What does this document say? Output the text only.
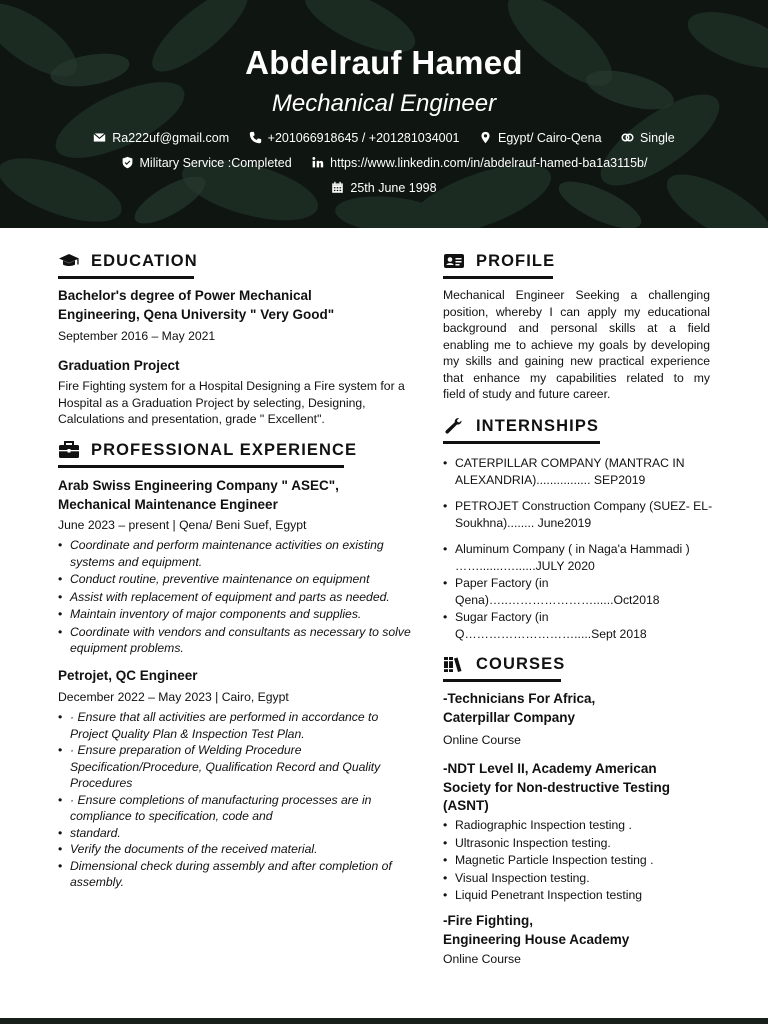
Abdelrauf Hamed
Mechanical Engineer
Ra222uf@gmail.com	+201066918645 / +201281034001	Egypt/ Cairo-Qena	Single
Military Service :Completed	https://www.linkedin.com/in/abdelrauf-hamed-ba1a3115b/
25th June 1998
EDUCATION
Bachelor's degree of Power Mechanical
Engineering, Qena University " Very Good"
September 2016 – May 2021
Graduation Project
Fire Fighting system for a Hospital Designing a Fire system for a
Hospital as a Graduation Project by selecting, Designing,
Calculations and presentation, grade " Excellent".
PROFESSIONAL EXPERIENCE
Arab Swiss Engineering Company " ASEC",
Mechanical Maintenance Engineer
June 2023 – present | Qena/ Beni Suef, Egypt
• Coordinate and perform maintenance activities on existing
systems and equipment.
• Conduct routine, preventive maintenance on equipment
• Assist with replacement of equipment and parts as needed.
• Maintain inventory of major components and supplies.
• Coordinate with vendors and consultants as necessary to solve
equipment problems.
Petrojet, QC Engineer
December 2022 – May 2023 | Cairo, Egypt
• · Ensure that all activities are performed in accordance to
Project Quality Plan & Inspection Test Plan.
• · Ensure preparation of Welding Procedure
Specification/Procedure, Qualification Record and Quality
Procedures
• · Ensure completions of manufacturing processes are in
compliance to specification, code and
• standard.
• Verify the documents of the received material.
• Dimensional check during assembly and after completion of
assembly.
PROFILE
Mechanical Engineer Seeking a challenging
position, whereby I can apply my educational
background and personal skills at a field
enabling me to achieve my goals by developing
my skills and gaining new practical experience
that enhance my capabilities related to my
field of study and future career.
INTERNSHIPS
• CATERPILLAR COMPANY (MANTRAC IN
ALEXANDRIA)................ SEP2019
• PETROJET Construction Company (SUEZ- EL-
Soukhna)........ June2019
• Aluminum Company ( in Naga'a Hammadi )
…….......…......JULY 2020
• Paper Factory (in
Qena)…..…………………......Oct2018
• Sugar Factory (in
Q……………………….....Sept 2018
COURSES
-Technicians For Africa,
Caterpillar Company
Online Course
-NDT Level II, Academy American
Society for Non-destructive Testing
(ASNT)
• Radiographic Inspection testing .
• Ultrasonic Inspection testing.
• Magnetic Particle Inspection testing .
• Visual Inspection testing.
• Liquid Penetrant Inspection testing
-Fire Fighting,
Engineering House Academy
Online Course
